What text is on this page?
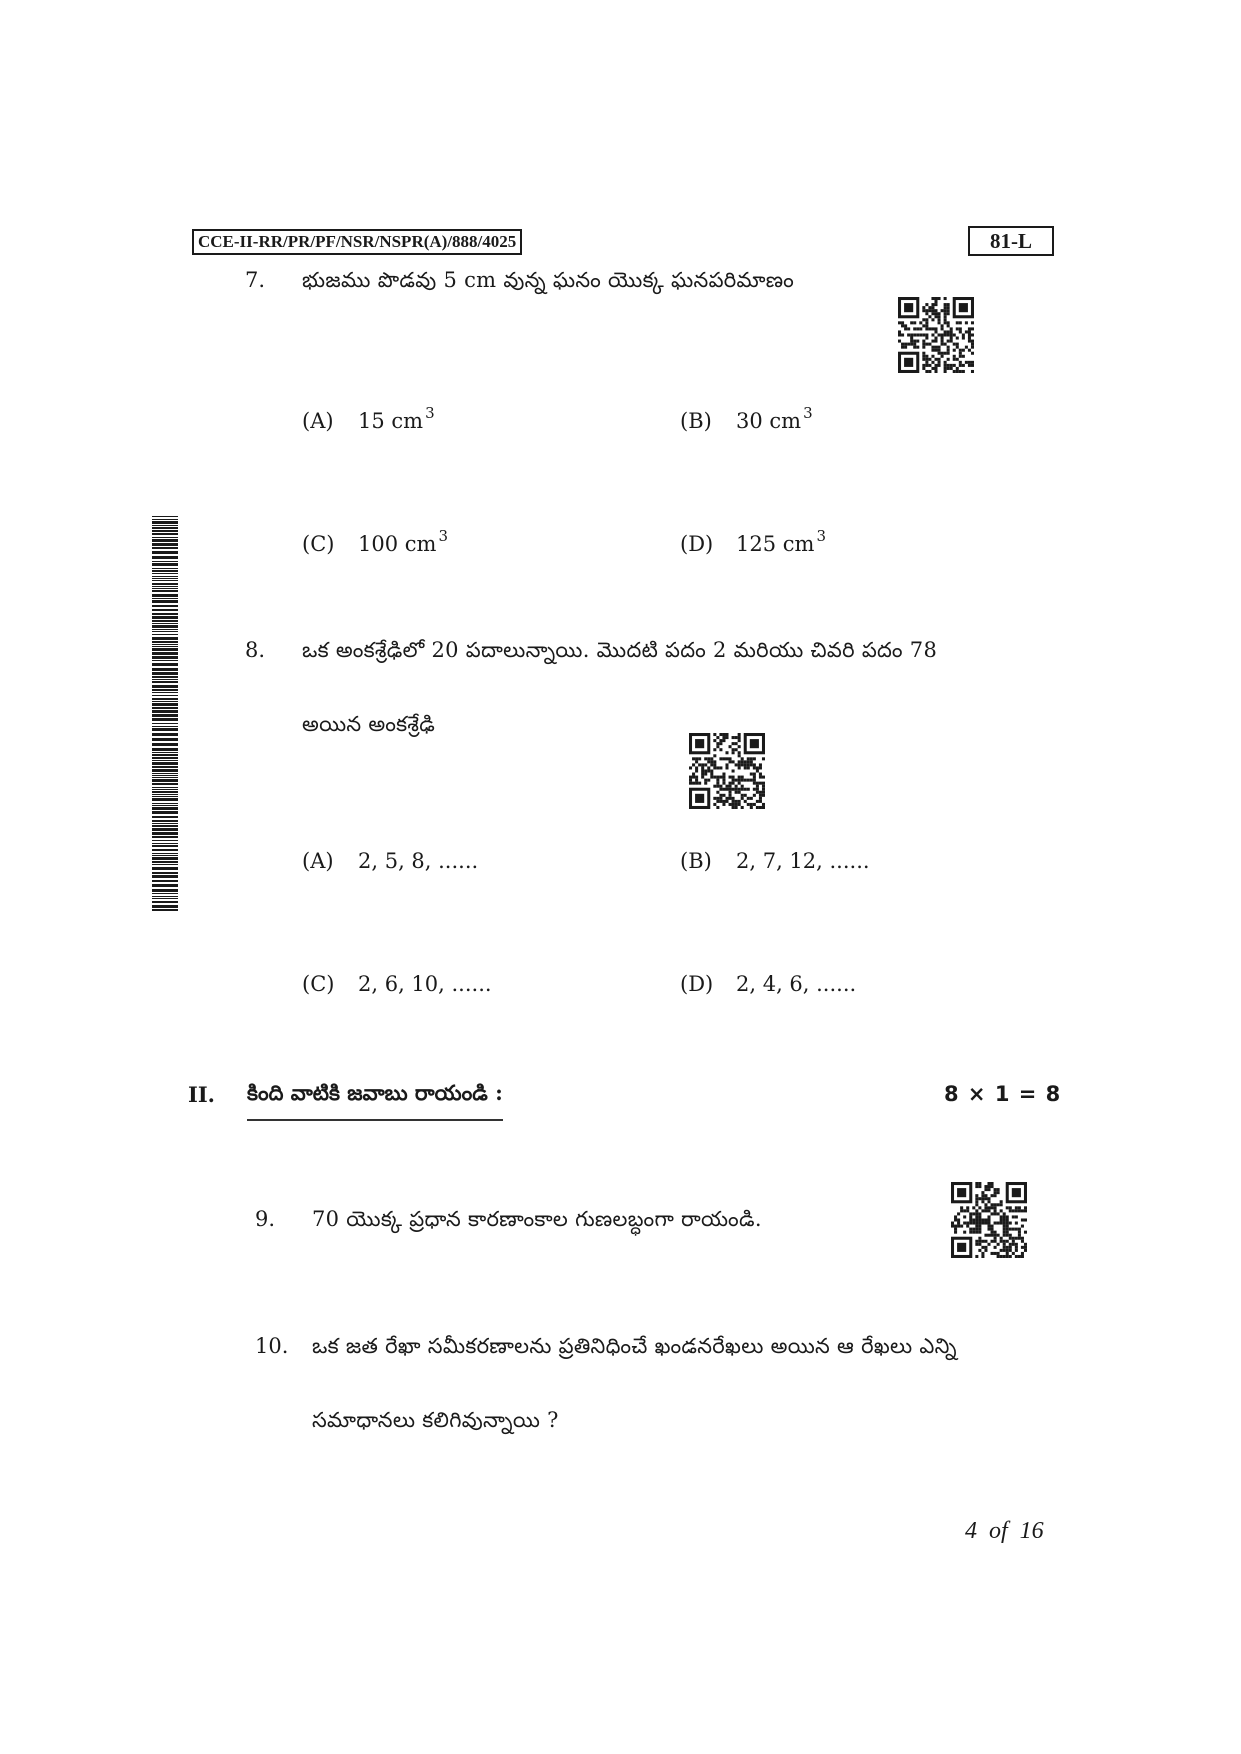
CCE-II-RR/PR/PF/NSR/NSPR(A)/888/4025	81-L
7. భుజము పొడవు 5 cm వున్న ఘనం యొక్క ఘనపరిమాణం
(A) 15 cm $^3$	(B) 30 cm $^3$
(C) 100 cm $^3$	(D) 125 cm $^3$
8. ఒక అంకశ్రేఢిలో 20 పదాలున్నాయి. మొదటి పదం 2 మరియు చివరి పదం 78
అయిన అంకశ్రేఢి
(A) 2, 5, 8, ......	(B) 2, 7, 12, ......
(C) 2, 6, 10, ......	(D) 2, 4, 6, ......
II. కింది వాటికి జవాబు రాయండి :	8 × 1 = 8
9. 70 యొక్క ప్రధాన కారణాంకాల గుణలబ్ధంగా రాయండి.
10. ఒక జత రేఖా సమీకరణాలను ప్రతినిధించే ఖండనరేఖలు అయిన ఆ రేఖలు ఎన్ని
సమాధానలు కలిగివున్నాయి ?
4 of 16
